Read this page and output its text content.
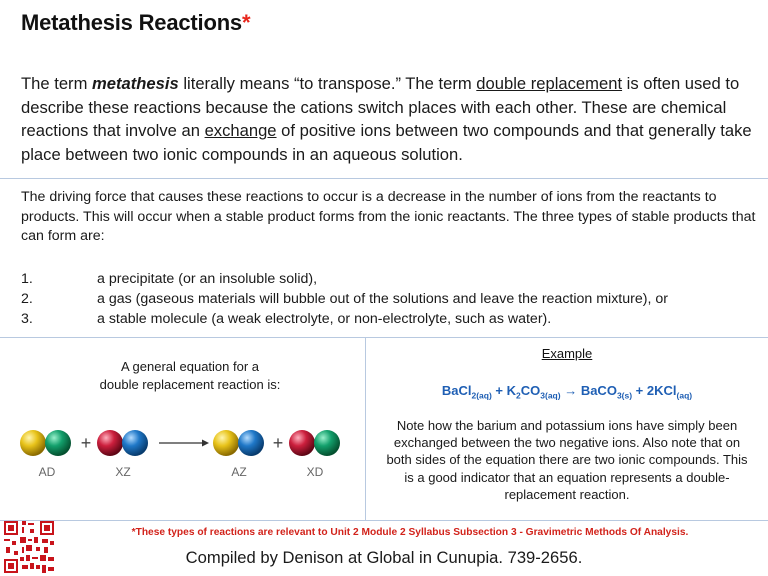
Metathesis Reactions*
The term metathesis literally means “to transpose.” The term double replacement is often used to describe these reactions because the cations switch places with each other. These are chemical reactions that involve an exchange of positive ions between two compounds and that generally take place between two ionic compounds in an aqueous solution.
The driving force that causes these reactions to occur is a decrease in the number of ions from the reactants to products. This will occur when a stable product forms from the ionic reactants. The three types of stable products that can form are:
1.	a precipitate (or an insoluble solid),
2.	a gas (gaseous materials will bubble out of the solutions and leave the reaction mixture), or
3.	a stable molecule (a weak electrolyte, or non-electrolyte, such as water).
A general equation for a
double replacement reaction is:
+	+
AD	XZ	AZ	XD
Example
BaCl$_{2(aq)}$ + $K_2CO_{3(aq)}$ → BaCO$_{3(s)}$ + 2KCl$_{(aq)}$
Note how the barium and potassium ions have simply been exchanged between the two negative ions. Also note that on both sides of the equation there are two ionic compounds. This is a good indicator that an equation represents a double-replacement reaction.
*These types of reactions are relevant to Unit 2 Module 2 Syllabus Subsection 3 - Gravimetric Methods Of Analysis.
Compiled by Denison at Global in Cunupia. 739-2656.
